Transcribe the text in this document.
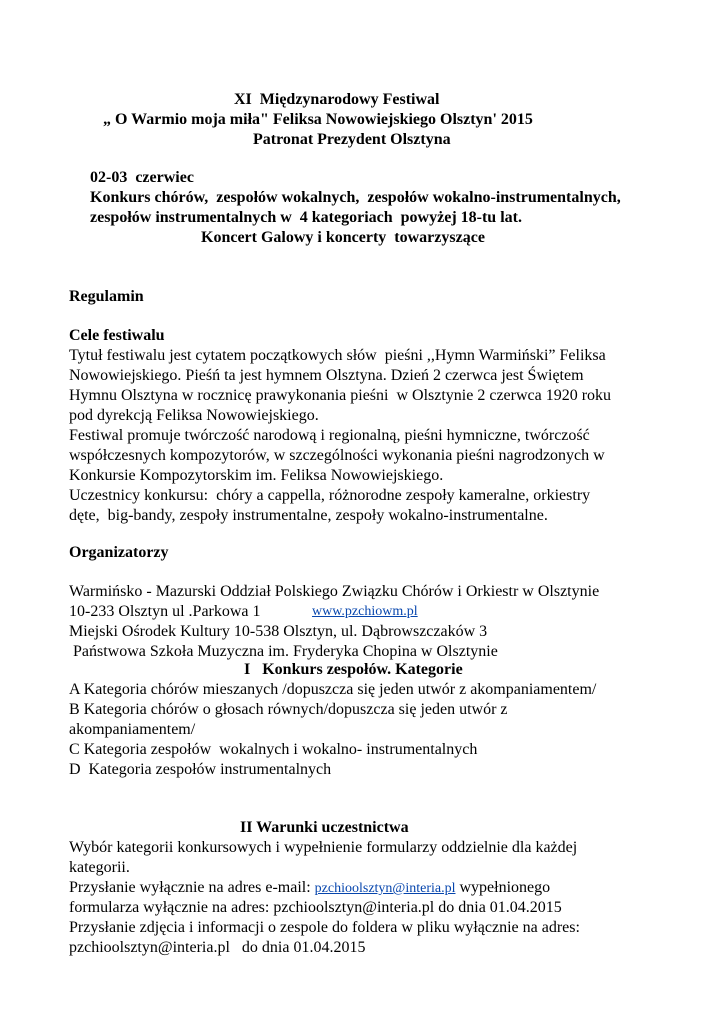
XI  Międzynarodowy Festiwal
„ O Warmio moja miła" Feliksa Nowowiejskiego Olsztyn' 2015
Patronat Prezydent Olsztyna
02-03  czerwiec
Konkurs chórów,  zespołów wokalnych,  zespołów wokalno-instrumentalnych,
zespołów instrumentalnych w  4 kategoriach  powyżej 18-tu lat.
Koncert Galowy i koncerty  towarzyszące
Regulamin
Cele festiwalu
Tytuł festiwalu jest cytatem początkowych słów  pieśni ,,Hymn Warmiński” Feliksa
Nowowiejskiego. Pieśń ta jest hymnem Olsztyna. Dzień 2 czerwca jest Świętem
Hymnu Olsztyna w rocznicę prawykonania pieśni  w Olsztynie 2 czerwca 1920 roku
pod dyrekcją Feliksa Nowowiejskiego.
Festiwal promuje twórczość narodową i regionalną, pieśni hymniczne, twórczość
współczesnych kompozytorów, w szczególności wykonania pieśni nagrodzonych w
Konkursie Kompozytorskim im. Feliksa Nowowiejskiego.
Uczestnicy konkursu:  chóry a cappella, różnorodne zespoły kameralne, orkiestry
dęte,  big-bandy, zespoły instrumentalne, zespoły wokalno-instrumentalne.
Organizatorzy
Warmińsko - Mazurski Oddział Polskiego Związku Chórów i Orkiestr w Olsztynie
10-233 Olsztyn ul .Parkowa 1	www.pzchiowm.pl
Miejski Ośrodek Kultury 10-538 Olsztyn, ul. Dąbrowszczaków 3
Państwowa Szkoła Muzyczna im. Fryderyka Chopina w Olsztynie
I   Konkurs zespołów. Kategorie
A Kategoria chórów mieszanych /dopuszcza się jeden utwór z akompaniamentem/
B Kategoria chórów o głosach równych/dopuszcza się jeden utwór z
akompaniamentem/
C Kategoria zespołów  wokalnych i wokalno- instrumentalnych
D  Kategoria zespołów instrumentalnych
II Warunki uczestnictwa
Wybór kategorii konkursowych i wypełnienie formularzy oddzielnie dla każdej
kategorii.
Przysłanie wyłącznie na adres e-mail: pzchioolsztyn@interia.pl wypełnionego
formularza wyłącznie na adres: pzchioolsztyn@interia.pl do dnia 01.04.2015
Przysłanie zdjęcia i informacji o zespole do foldera w pliku wyłącznie na adres:
pzchioolsztyn@interia.pl   do dnia 01.04.2015
